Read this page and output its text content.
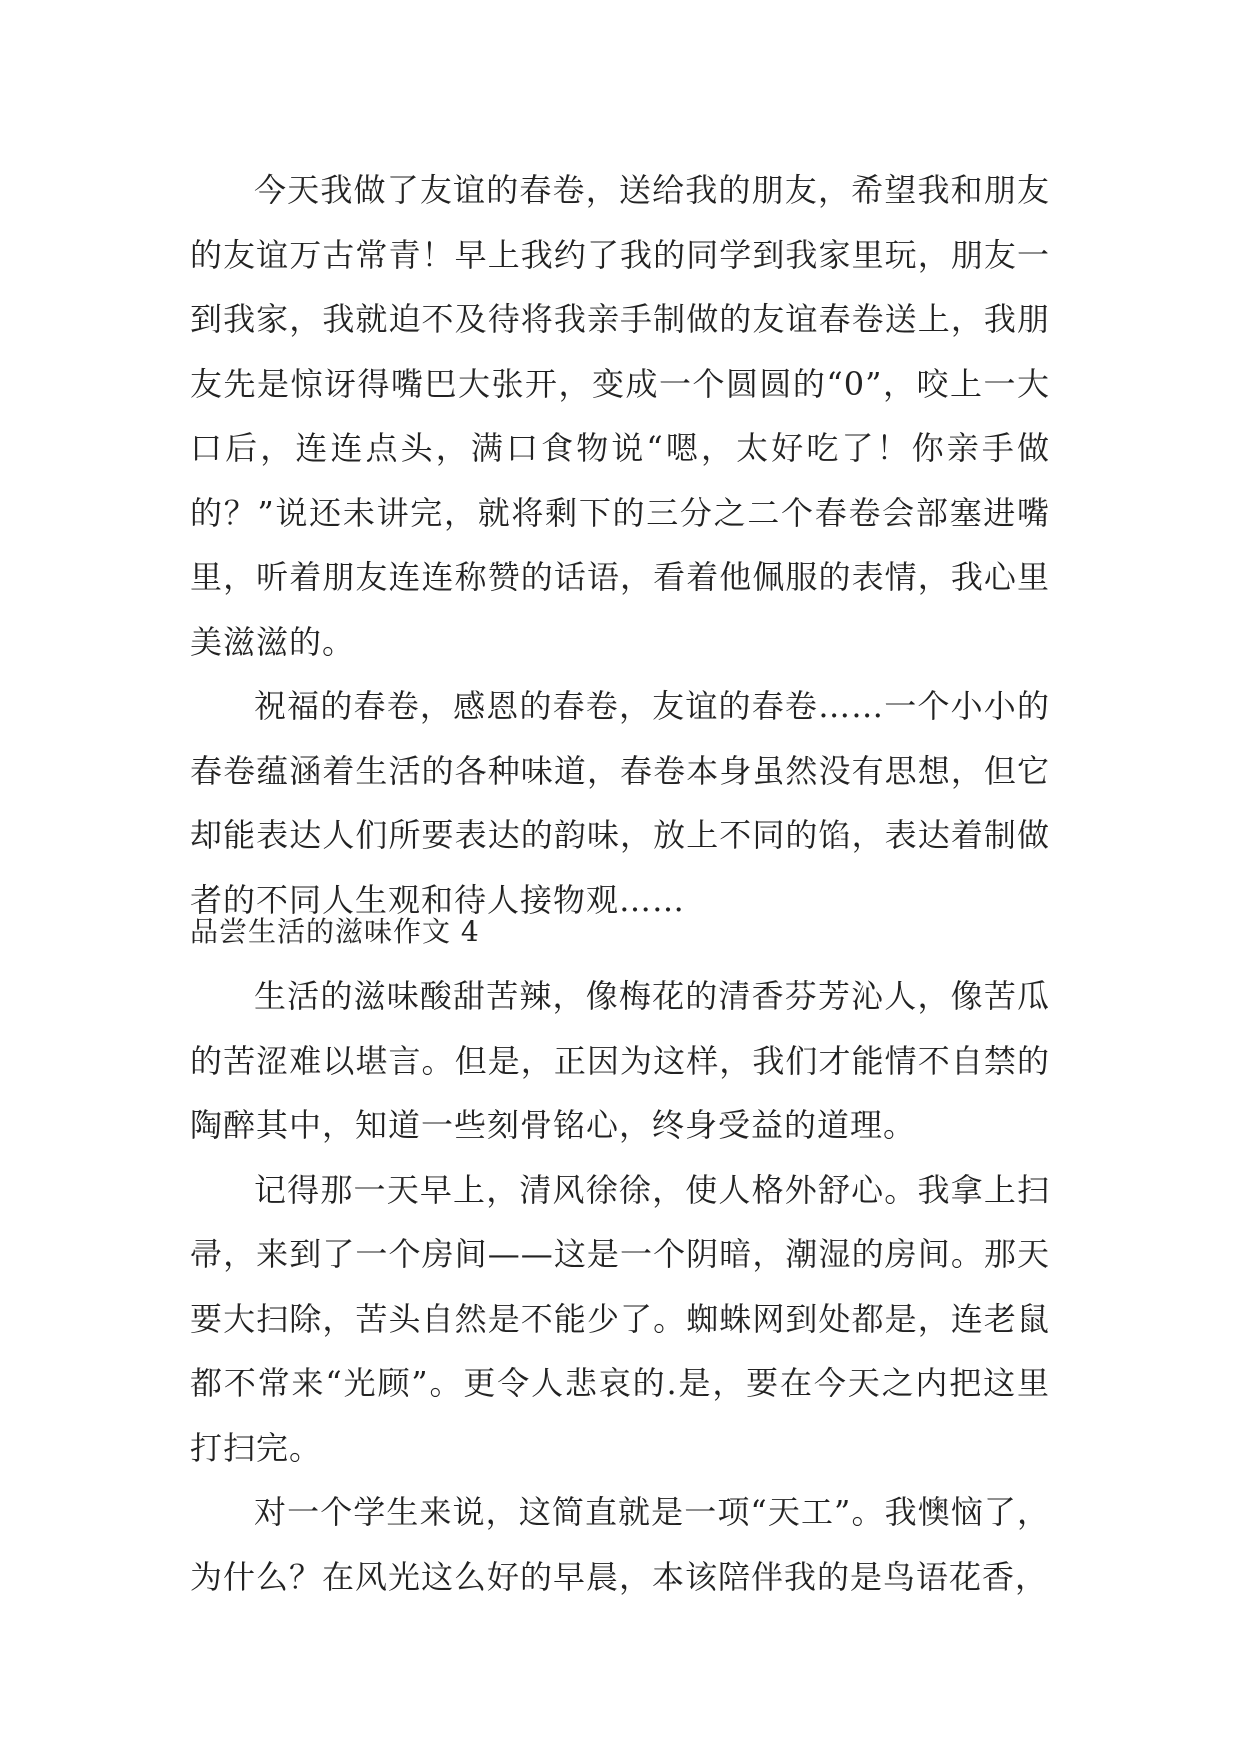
今天我做了友谊的春卷，送给我的朋友，希望我和朋友的友谊万古常青！早上我约了我的同学到我家里玩，朋友一到我家，我就迫不及待将我亲手制做的友谊春卷送上，我朋友先是惊讶得嘴巴大张开，变成一个圆圆的“0”，咬上一大口后，连连点头，满口食物说“嗯，太好吃了！你亲手做的？”说还未讲完，就将剩下的三分之二个春卷会部塞进嘴里，听着朋友连连称赞的话语，看着他佩服的表情，我心里美滋滋的。

祝福的春卷，感恩的春卷，友谊的春卷……一个小小的春卷蕴涵着生活的各种味道，春卷本身虽然没有思想，但它却能表达人们所要表达的韵味，放上不同的馅，表达着制做者的不同人生观和待人接物观……

品尝生活的滋味作文 4

生活的滋味酸甜苦辣，像梅花的清香芬芳沁人，像苦瓜的苦涩难以堪言。但是，正因为这样，我们才能情不自禁的陶醉其中，知道一些刻骨铭心，终身受益的道理。

记得那一天早上，清风徐徐，使人格外舒心。我拿上扫帚，来到了一个房间——这是一个阴暗，潮湿的房间。那天要大扫除，苦头自然是不能少了。蜘蛛网到处都是，连老鼠都不常来“光顾”。更令人悲哀的.是，要在今天之内把这里打扫完。

对一个学生来说，这简直就是一项“天工”。我懊恼了，为什么？在风光这么好的早晨，本该陪伴我的是鸟语花香，
